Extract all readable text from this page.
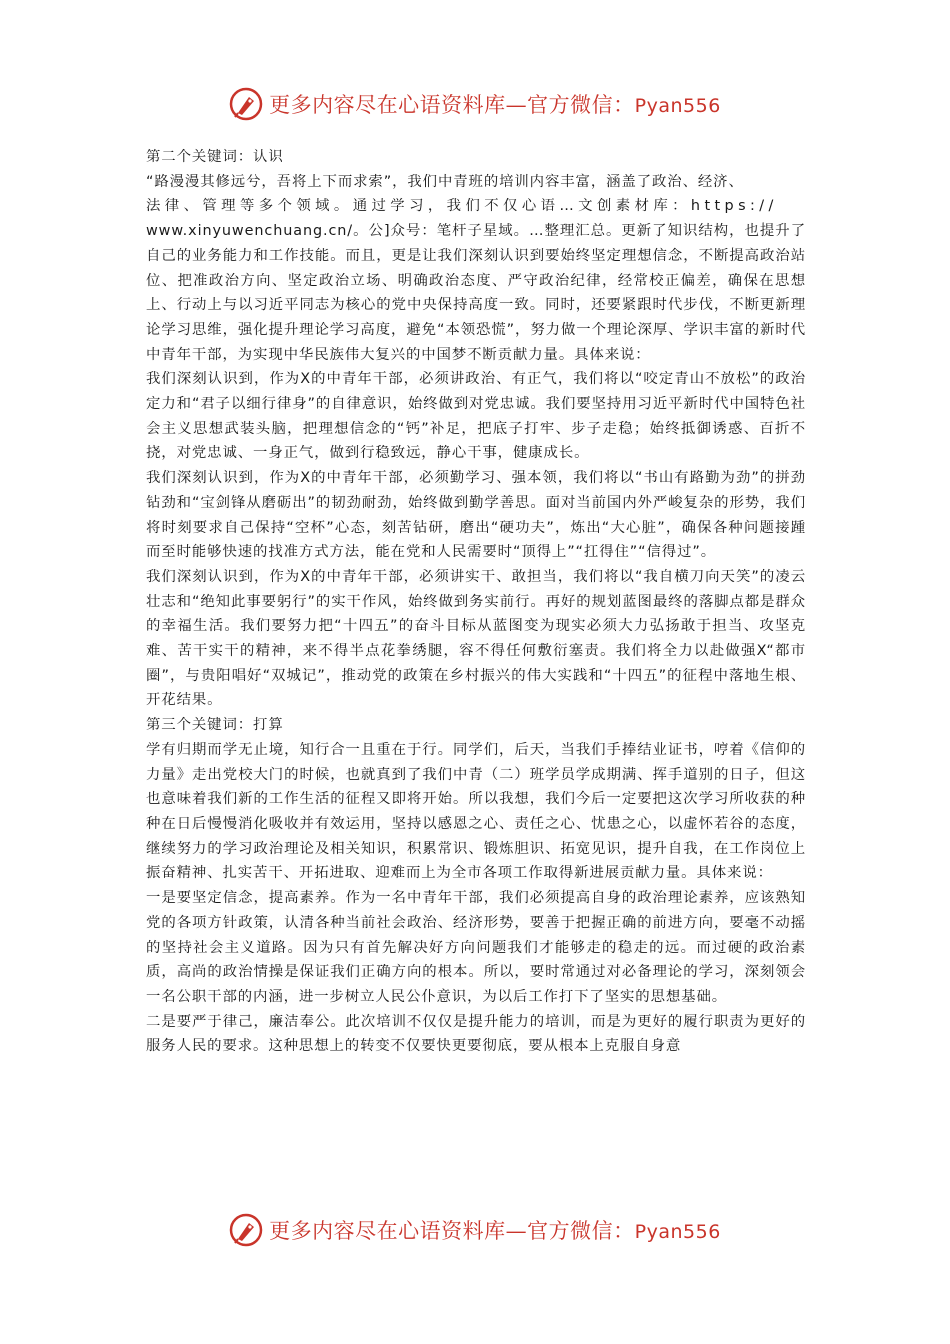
更多内容尽在心语资料库—官方微信：Pyan556

第二个关键词：认识

“路漫漫其修远兮，吾将上下而求索”，我们中青班的培训内容丰富，涵盖了政治、经济、
法律、管理等多个领域。通过学习，我们不仅心语…文创素材库：https://
www.xinyuwenchuang.cn/。公]众号：笔杆子星域。…整理汇总。更新了知识结构，也提升了自己的业务能力和工作技能。而且，更是让我们深刻认识到要始终坚定理想信念，不断提高政治站位、把准政治方向、坚定政治立场、明确政治态度、严守政治纪律，经常校正偏差，确保在思想上、行动上与以习近平同志为核心的党中央保持高度一致。同时，还要紧跟时代步伐，不断更新理论学习思维，强化提升理论学习高度，避免“本领恐慌”，努力做一个理论深厚、学识丰富的新时代中青年干部，为实现中华民族伟大复兴的中国梦不断贡献力量。具体来说：

我们深刻认识到，作为X的中青年干部，必须讲政治、有正气，我们将以“咬定青山不放松”的政治定力和“君子以细行律身”的自律意识，始终做到对党忠诚。我们要坚持用习近平新时代中国特色社会主义思想武装头脑，把理想信念的“钙”补足，把底子打牢、步子走稳；始终抵御诱惑、百折不挠，对党忠诚、一身正气，做到行稳致远，静心干事，健康成长。

我们深刻认识到，作为X的中青年干部，必须勤学习、强本领，我们将以“书山有路勤为劲”的拼劲钻劲和“宝剑锋从磨砺出”的韧劲耐劲，始终做到勤学善思。面对当前国内外严峻复杂的形势，我们将时刻要求自己保持“空杯”心态，刻苦钻研，磨出“硬功夫”，炼出“大心脏”，确保各种问题接踵而至时能够快速的找准方式方法，能在党和人民需要时“顶得上”“扛得住”“信得过”。

我们深刻认识到，作为X的中青年干部，必须讲实干、敢担当，我们将以“我自横刀向天笑”的凌云壮志和“绝知此事要躬行”的实干作风，始终做到务实前行。再好的规划蓝图最终的落脚点都是群众的幸福生活。我们要努力把“十四五”的奋斗目标从蓝图变为现实必须大力弘扬敢于担当、攻坚克难、苦干实干的精神，来不得半点花拳绣腿，容不得任何敷衍塞责。我们将全力以赴做强X“都市圈”，与贵阳唱好“双城记”，推动党的政策在乡村振兴的伟大实践和“十四五”的征程中落地生根、开花结果。

第三个关键词：打算

学有归期而学无止境，知行合一且重在于行。同学们，后天，当我们手捧结业证书，哼着《信仰的力量》走出党校大门的时候，也就真到了我们中青（二）班学员学成期满、挥手道别的日子，但这也意味着我们新的工作生活的征程又即将开始。所以我想，我们今后一定要把这次学习所收获的种种在日后慢慢消化吸收并有效运用，坚持以感恩之心、责任之心、忧患之心，以虚怀若谷的态度，继续努力的学习政治理论及相关知识，积累常识、锻炼胆识、拓宽见识，提升自我，在工作岗位上振奋精神、扎实苦干、开拓进取、迎难而上为全市各项工作取得新进展贡献力量。具体来说：

一是要坚定信念，提高素养。作为一名中青年干部，我们必须提高自身的政治理论素养，应该熟知党的各项方针政策，认清各种当前社会政治、经济形势，要善于把握正确的前进方向，要毫不动摇的坚持社会主义道路。因为只有首先解决好方向问题我们才能够走的稳走的远。而过硬的政治素质，高尚的政治情操是保证我们正确方向的根本。所以，要时常通过对必备理论的学习，深刻领会一名公职干部的内涵，进一步树立人民公仆意识，为以后工作打下了坚实的思想基础。

二是要严于律己，廉洁奉公。此次培训不仅仅是提升能力的培训，而是为更好的履行职责为更好的服务人民的要求。这种思想上的转变不仅要快更要彻底，要从根本上克服自身意

更多内容尽在心语资料库—官方微信：Pyan556
